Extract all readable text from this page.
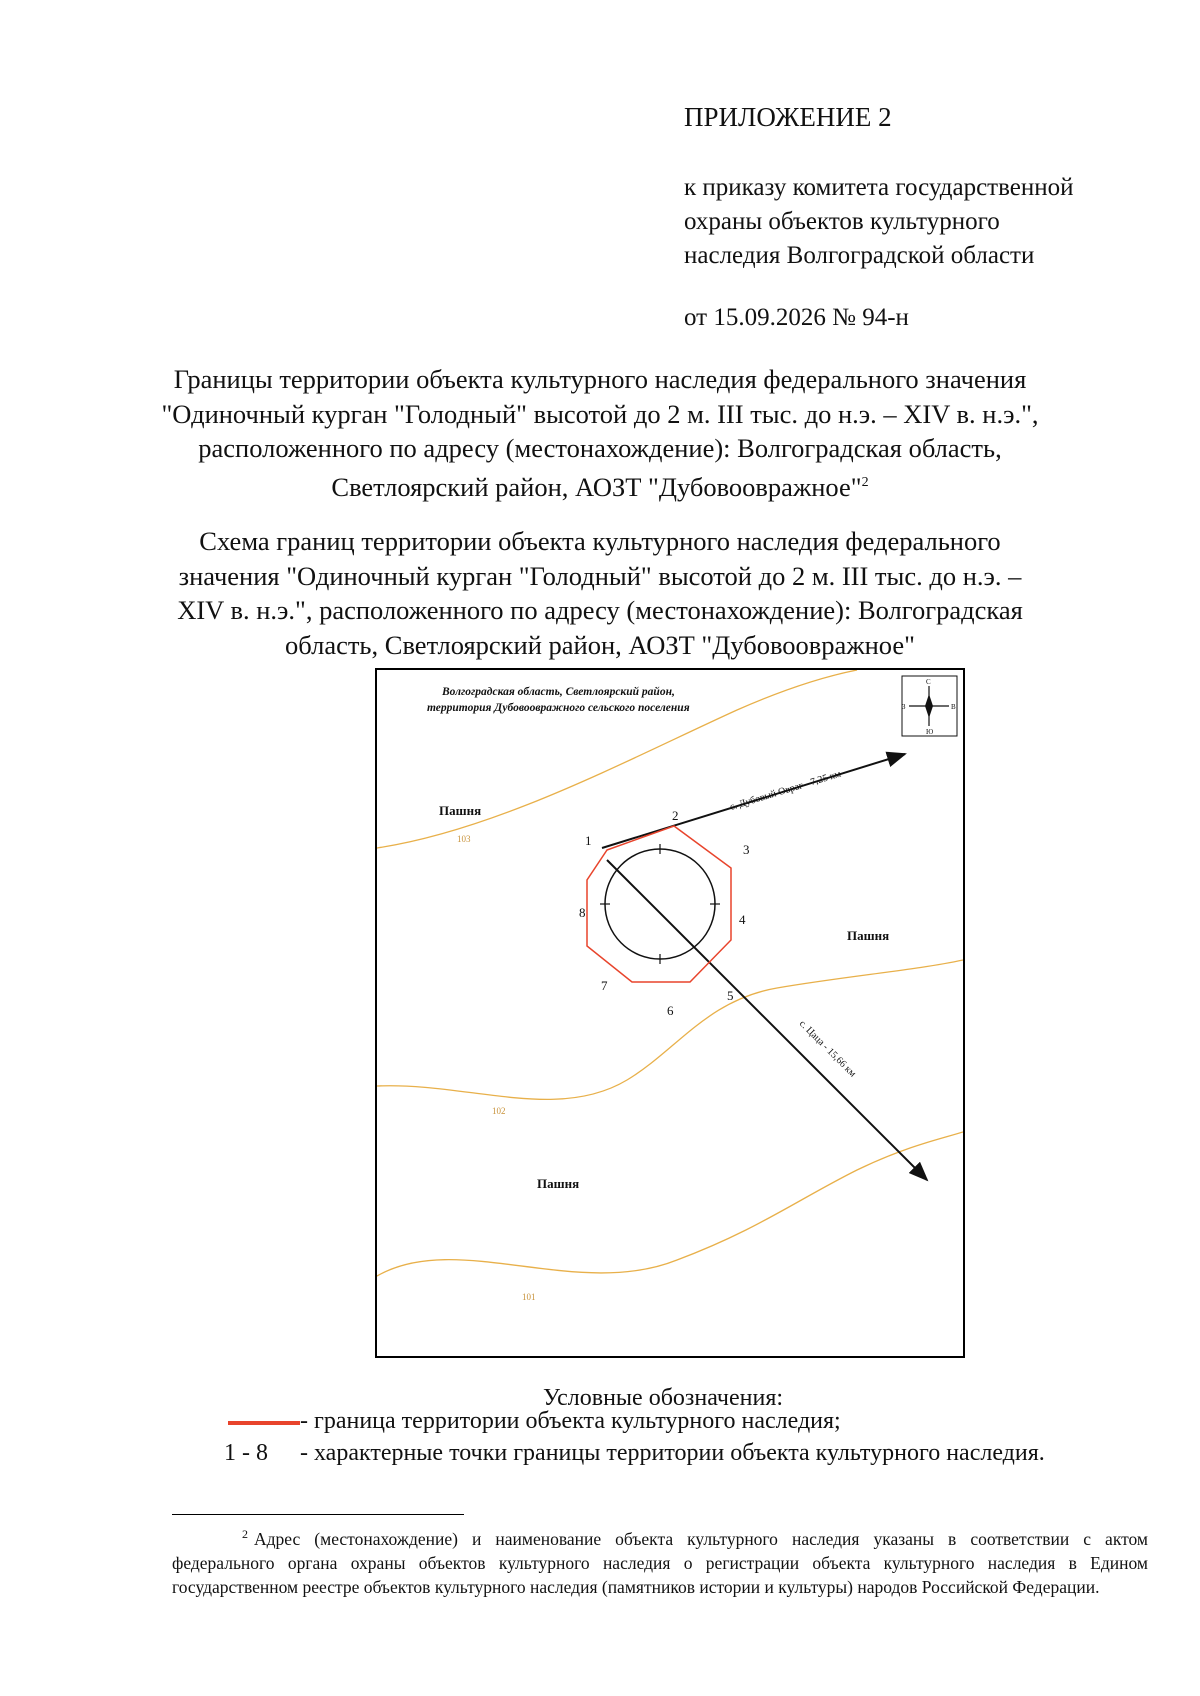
ПРИЛОЖЕНИЕ 2
к приказу комитета государственной
охраны объектов культурного
наследия Волгоградской области
от 15.09.2026 № 94-н
Границы территории объекта культурного наследия федерального значения
"Одиночный курган "Голодный" высотой до 2 м. III тыс. до н.э. – XIV в. н.э.",
расположенного по адресу (местонахождение): Волгоградская область,
Светлоярский район, АОЗТ "Дубовооврaжное"$^2$
Схема границ территории объекта культурного наследия федерального
значения "Одиночный курган "Голодный" высотой до 2 м. III тыс. до н.э. –
XIV в. н.э.", расположенного по адресу (местонахождение): Волгоградская
область, Светлоярский район, АОЗТ "Дубовоовражное"
103
102
101
Волгоградская область, Светлоярский район,
территория Дубовоовражного сельского поселения
С
Ю
З	В
Пашня
Пашня
Пашня
с. Дубовый Овраг - 7,25 км
с. Цаца - 15,66 км
1
2
3
4
5
6
7
8
Условные обозначения:
- граница территории объекта культурного наследия;
1 - 8 - характерные точки границы территории объекта культурного наследия.
$^2$ Адрес (местонахождение) и наименование объекта культурного наследия указаны в соответствии с актом федерального органа охраны объектов культурного наследия о регистрации объекта культурного наследия в Едином государственном реестре объектов культурного наследия (памятников истории и культуры) народов Российской Федерации.
